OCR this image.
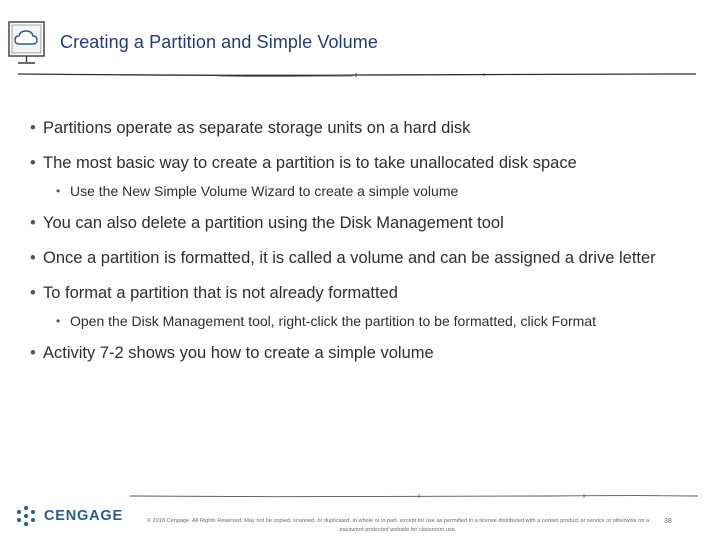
Creating a Partition and Simple Volume
• Partitions operate as separate storage units on a hard disk
• The most basic way to create a partition is to take unallocated disk space
• Use the New Simple Volume Wizard to create a simple volume
• You can also delete a partition using the Disk Management tool
• Once a partition is formatted, it is called a volume and can be assigned a drive letter
• To format a partition that is not already formatted
• Open the Disk Management tool, right-click the partition to be formatted, click Format
• Activity 7-2 shows you how to create a simple volume
CENGAGE	© 2018 Cengage. All Rights Reserved. May not be copied, scanned, or duplicated, in whole or in part, except for use as permitted in a license distributed with a certain product or service or otherwise on a password-protected website for classroom use.
38
